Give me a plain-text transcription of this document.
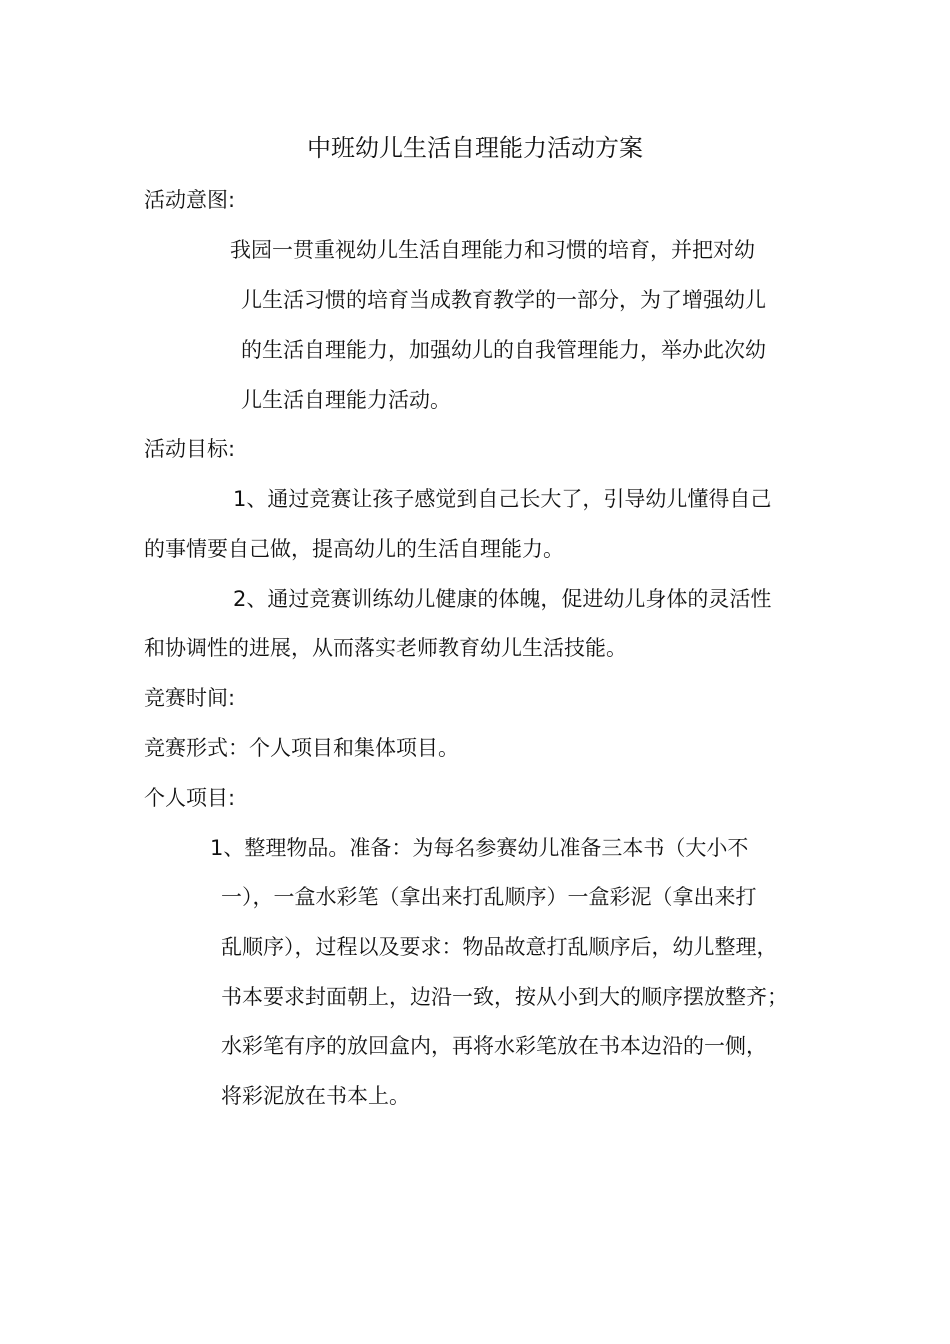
中班幼儿生活自理能力活动方案
活动意图:
我园一贯重视幼儿生活自理能力和习惯的培育，并把对幼
儿生活习惯的培育当成教育教学的一部分，为了增强幼儿
的生活自理能力，加强幼儿的自我管理能力，举办此次幼
儿生活自理能力活动。
活动目标:
1、通过竞赛让孩子感觉到自己长大了，引导幼儿懂得自己
的事情要自己做，提高幼儿的生活自理能力。
2、通过竞赛训练幼儿健康的体魄，促进幼儿身体的灵活性
和协调性的进展，从而落实老师教育幼儿生活技能。
竞赛时间:
竞赛形式：个人项目和集体项目。
个人项目:
1、整理物品。准备：为每名参赛幼儿准备三本书（大小不
一），一盒水彩笔（拿出来打乱顺序）一盒彩泥（拿出来打
乱顺序），过程以及要求：物品故意打乱顺序后，幼儿整理，
书本要求封面朝上，边沿一致，按从小到大的顺序摆放整齐；
水彩笔有序的放回盒内，再将水彩笔放在书本边沿的一侧，
将彩泥放在书本上。
